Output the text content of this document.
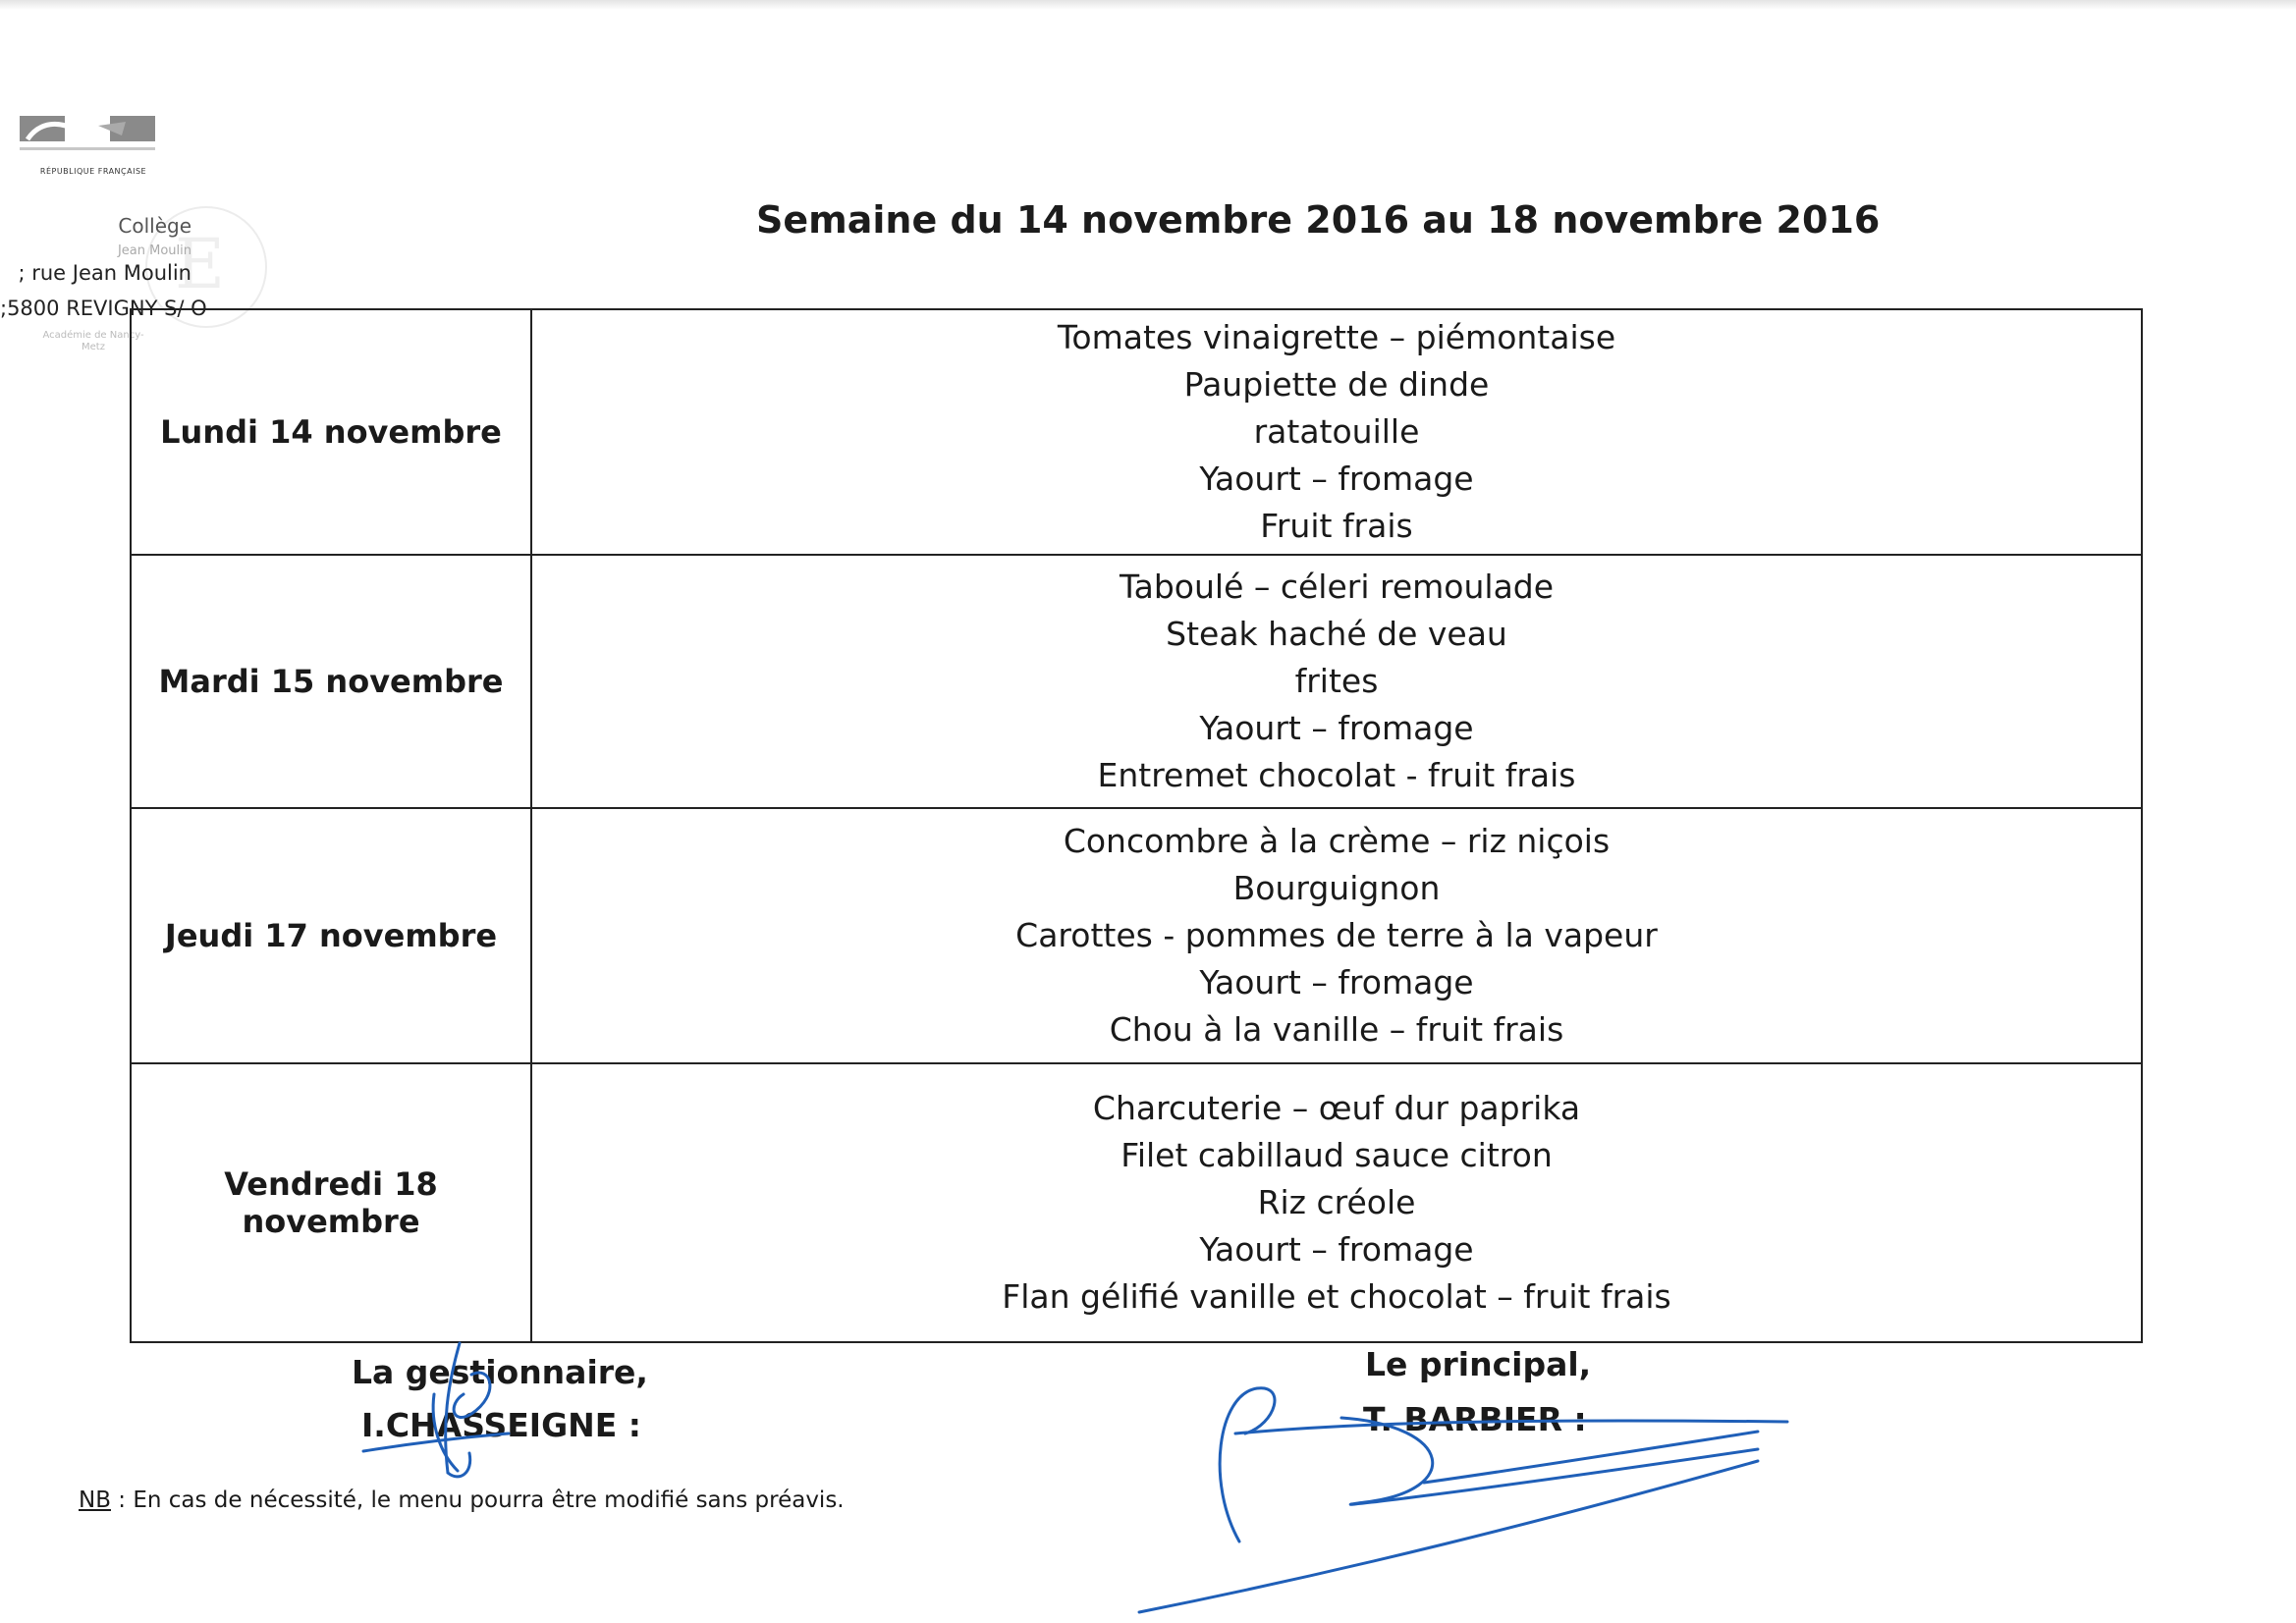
RÉPUBLIQUE FRANÇAISE
E
Collège
Jean Moulin
; rue Jean Moulin
;5800 REVIGNY S/ O
Académie de Nancy-Metz
Semaine du 14 novembre 2016 au 18 novembre 2016
Lundi 14 novembre	Tomates vinaigrette – piémontaise
Paupiette de dinde
ratatouille
Yaourt – fromage
Fruit frais

Mardi 15 novembre	Taboulé – céleri remoulade
Steak haché de veau
frites
Yaourt – fromage
Entremet chocolat - fruit frais

Jeudi 17 novembre	Concombre à la crème – riz niçois
Bourguignon
Carottes - pommes de terre à la vapeur
Yaourt – fromage
Chou à la vanille – fruit frais

Vendredi 18 novembre	Charcuterie – œuf dur paprika
Filet cabillaud sauce citron
Riz créole
Yaourt – fromage
Flan gélifié vanille et chocolat – fruit frais
La gestionnaire,
I.CHASSEIGNE :
Le principal,
T. BARBIER :
NB : En cas de nécessité, le menu pourra être modifié sans préavis.
